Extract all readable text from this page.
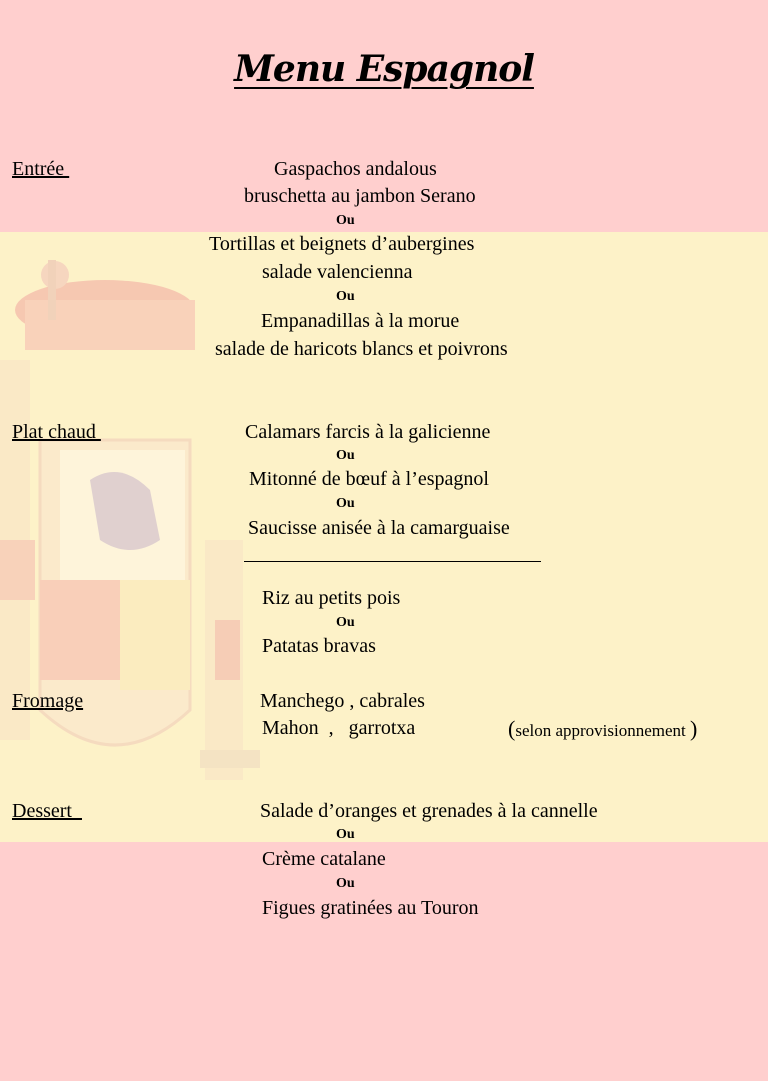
Menu Espagnol
Entrée	Gaspachos andalous
bruschetta au jambon Serano
Ou
Tortillas et beignets d’aubergines
salade valencienna
Ou
Empanadillas à la morue
salade de haricots blancs et poivrons
Plat chaud	Calamars farcis à la galicienne
Ou
Mitonné de bœuf à l’espagnol
Ou
Saucisse anisée à la camarguaise
Riz au petits pois
Ou
Patatas bravas
Fromage	Manchego , cabrales
Mahon  ,   garrotxa	(selon approvisionnement )
Dessert	Salade d’oranges et grenades à la cannelle
Ou
Crème catalane
Ou
Figues gratinées au Touron
